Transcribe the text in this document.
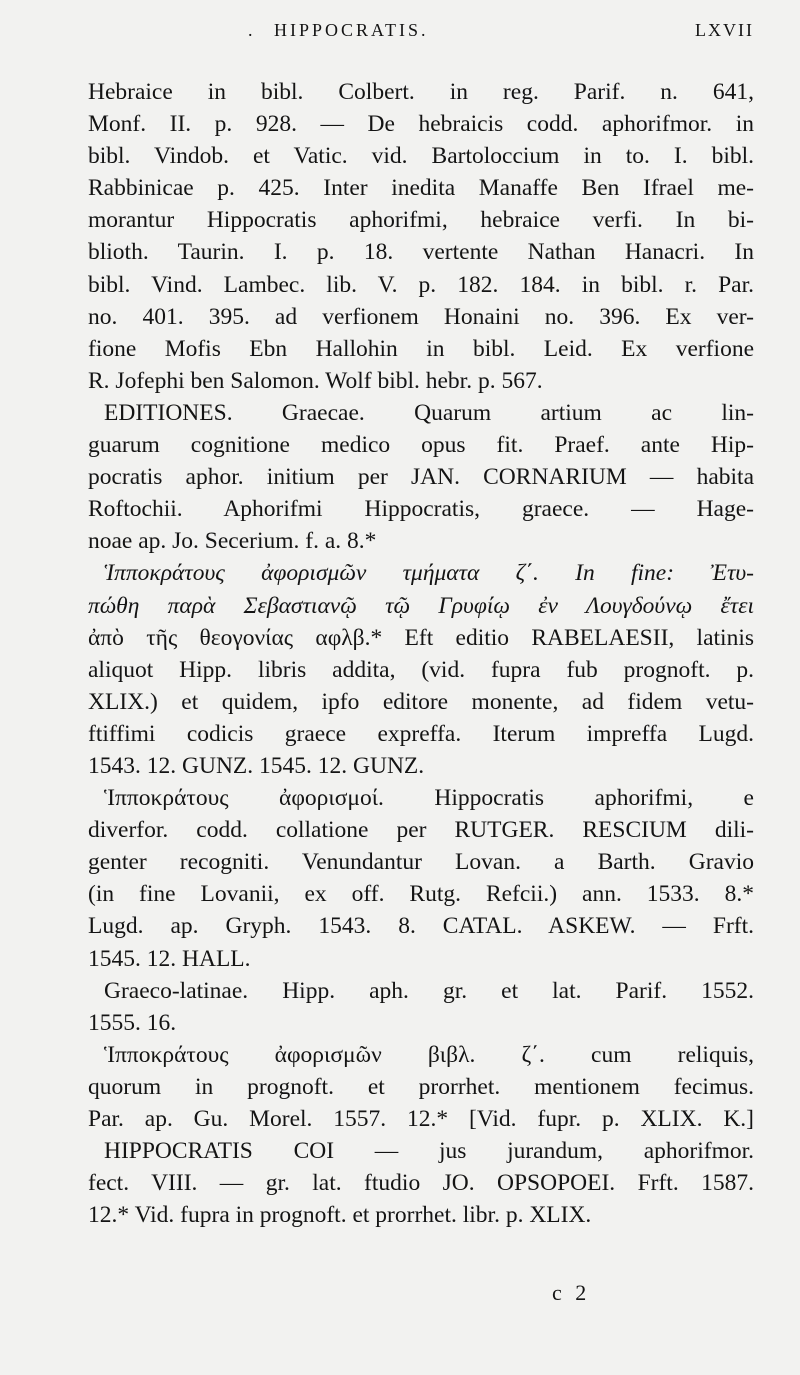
. HIPPOCRATIS.	LXVII
Hebraice in bibl. Colbert. in reg. Parif. n. 641,
Monf. II. p. 928. — De hebraicis codd. aphorifmor. in
bibl. Vindob. et Vatic. vid. Bartoloccium in to. I. bibl.
Rabbinicae p. 425. Inter inedita Manaffe Ben Ifrael me-
morantur Hippocratis aphorifmi, hebraice verfi. In bi-
blioth. Taurin. I. p. 18. vertente Nathan Hanacri. In
bibl. Vind. Lambec. lib. V. p. 182. 184. in bibl. r. Par.
no. 401. 395. ad verfionem Honaini no. 396. Ex ver-
fione Mofis Ebn Hallohin in bibl. Leid. Ex verfione
R. Jofephi ben Salomon. Wolf bibl. hebr. p. 567.
EDITIONES. Graecae. Quarum artium ac lin-
guarum cognitione medico opus fit. Praef. ante Hip-
pocratis aphor. initium per JAN. CORNARIUM — habita
Roftochii. Aphorifmi Hippocratis, graece. — Hage-
noae ap. Jo. Secerium. f. a. 8.*
Ἱπποκράτους ἀφορισμῶν τμήματα ζ΄. In fine: Ἐτυ-
πώθη παρὰ Σεβαστιανῷ τῷ Γρυφίῳ ἐν Λουγδούνῳ ἔτει
ἀπὸ τῆς θεογονίας αφλβ.* Eft editio RABELAESII, latinis
aliquot Hipp. libris addita, (vid. fupra fub prognoft. p.
XLIX.) et quidem, ipfo editore monente, ad fidem vetu-
ftiffimi codicis graece expreffa. Iterum impreffa Lugd.
1543. 12. GUNZ. 1545. 12. GUNZ.
Ἱπποκράτους ἀφορισμοί. Hippocratis aphorifmi, e
diverfor. codd. collatione per RUTGER. RESCIUM dili-
genter recogniti. Venundantur Lovan. a Barth. Gravio
(in fine Lovanii, ex off. Rutg. Refcii.) ann. 1533. 8.*
Lugd. ap. Gryph. 1543. 8. CATAL. ASKEW. — Frft.
1545. 12. HALL.
Graeco-latinae. Hipp. aph. gr. et lat. Parif. 1552.
1555. 16.
Ἱπποκράτους ἀφορισμῶν βιβλ. ζ΄. cum reliquis,
quorum in prognoft. et prorrhet. mentionem fecimus.
Par. ap. Gu. Morel. 1557. 12.* [Vid. fupr. p. XLIX. K.]
HIPPOCRATIS COI — jus jurandum, aphorifmor.
fect. VIII. — gr. lat. ftudio JO. OPSOPOEI. Frft. 1587.
12.* Vid. fupra in prognoft. et prorrhet. libr. p. XLIX.
c 2
